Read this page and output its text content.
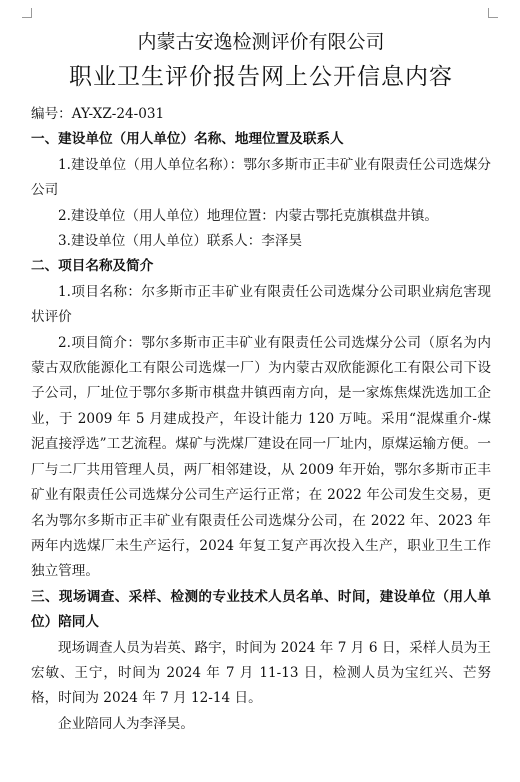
内蒙古安逸检测评价有限公司
职业卫生评价报告网上公开信息内容

编号：AY-XZ-24-031

一、建设单位（用人单位）名称、地理位置及联系人

1.建设单位（用人单位名称）：鄂尔多斯市正丰矿业有限责任公司选煤分公司

2.建设单位（用人单位）地理位置：内蒙古鄂托克旗棋盘井镇。

3.建设单位（用人单位）联系人：李泽昊

二、项目名称及简介

1.项目名称：尔多斯市正丰矿业有限责任公司选煤分公司职业病危害现状评价

2.项目简介：鄂尔多斯市正丰矿业有限责任公司选煤分公司（原名为内蒙古双欣能源化工有限公司选煤一厂）为内蒙古双欣能源化工有限公司下设子公司，厂址位于鄂尔多斯市棋盘井镇西南方向，是一家炼焦煤洗选加工企业，于 2009 年 5 月建成投产，年设计能力 120 万吨。采用“混煤重介-煤泥直接浮选”工艺流程。煤矿与洗煤厂建设在同一厂址内，原煤运输方便。一厂与二厂共用管理人员，两厂相邻建设，从 2009 年开始，鄂尔多斯市正丰矿业有限责任公司选煤分公司生产运行正常；在 2022 年公司发生交易，更名为鄂尔多斯市正丰矿业有限责任公司选煤分公司，在 2022 年、2023 年两年内选煤厂未生产运行，2024 年复工复产再次投入生产，职业卫生工作独立管理。

三、现场调查、采样、检测的专业技术人员名单、时间，建设单位（用人单位）陪同人

现场调查人员为岩英、路宇，时间为 2024 年 7 月 6 日，采样人员为王宏敏、王宁，时间为 2024 年 7 月 11-13 日，检测人员为宝红兴、芒努格，时间为 2024 年 7 月 12-14 日。

企业陪同人为李泽昊。
